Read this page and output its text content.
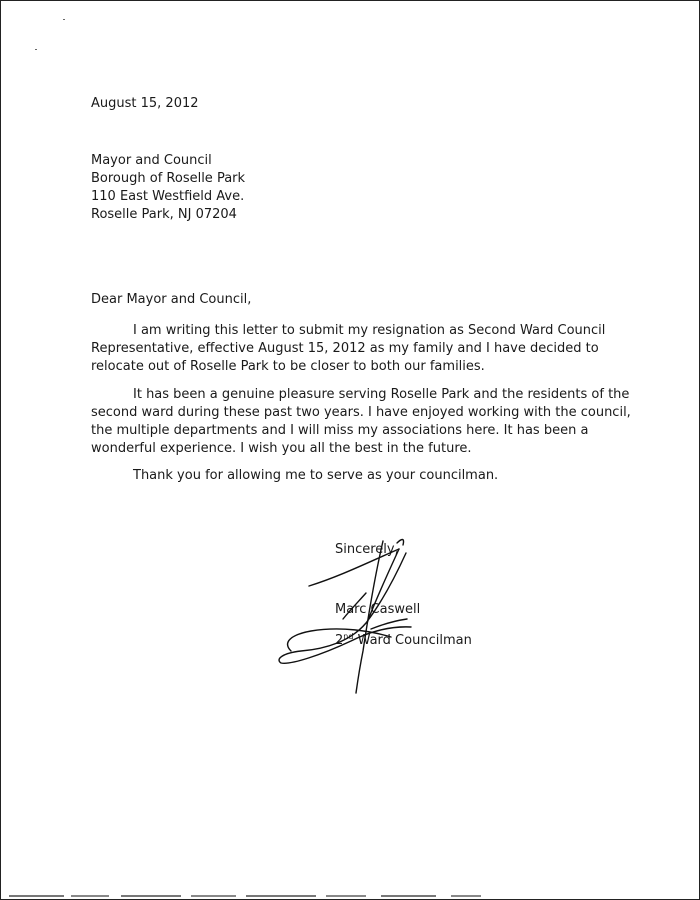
August 15, 2012
Mayor and Council
Borough of Roselle Park
110 East Westfield Ave.
Roselle Park, NJ 07204
Dear Mayor and Council,
I am writing this letter to submit my resignation as Second Ward Council
Representative, effective August 15, 2012 as my family and I have decided to
relocate out of Roselle Park to be closer to both our families.
It has been a genuine pleasure serving Roselle Park and the residents of the
second ward during these past two years. I have enjoyed working with the council,
the multiple departments and I will miss my associations here. It has been a
wonderful experience. I wish you all the best in the future.
Thank you for allowing me to serve as your councilman.
Sincerely,
Marc Caswell
2nd Ward Councilman
